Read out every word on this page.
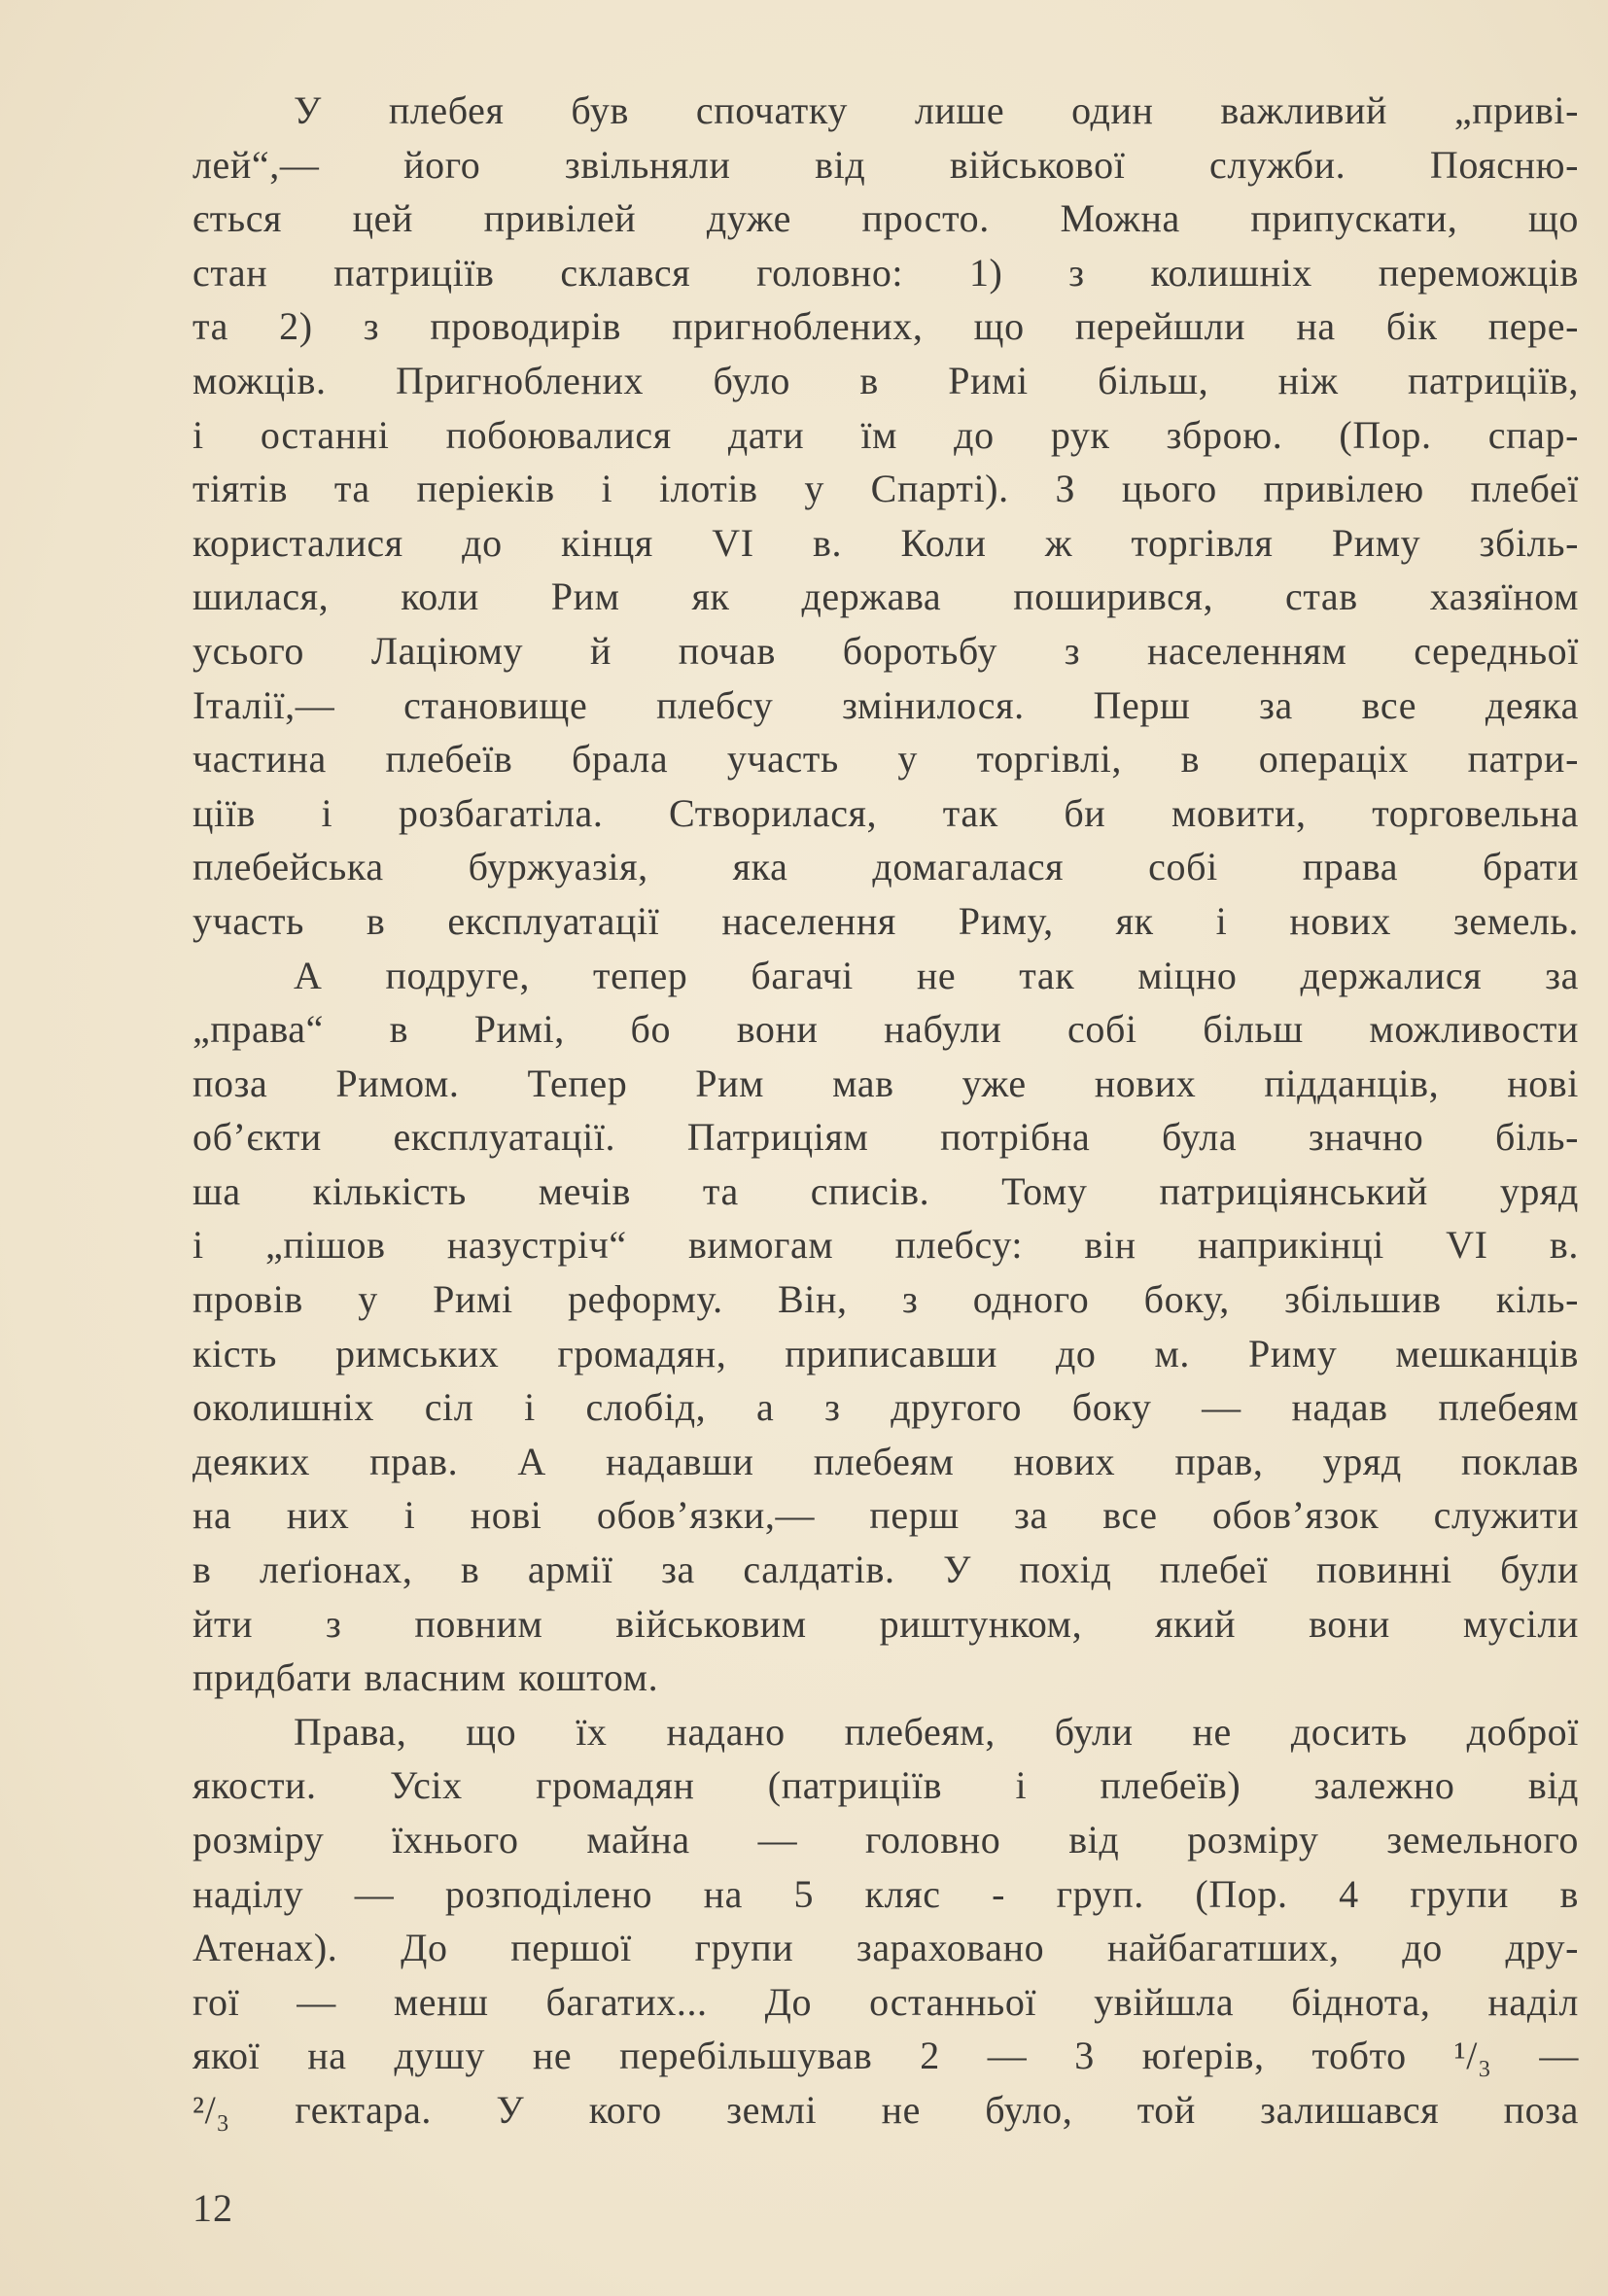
У плебея був спочатку лише один важливий „приві-
лей“,— його звільняли від військової служби. Поясню-
ється цей привілей дуже просто. Можна припускати, що
стан патриціїв склався головно: 1) з колишніх переможців
та 2) з проводирів пригноблених, що перейшли на бік пере-
можців. Пригноблених було в Римі більш, ніж патриціїв,
і останні побоювалися дати їм до рук зброю. (Пор. спар-
тіятів та періеків і ілотів у Спарті). З цього привілею плебеї
користалися до кінця VI в. Коли ж торгівля Риму збіль-
шилася, коли Рим як держава поширився, став хазяїном
усього Лаціюму й почав боротьбу з населенням середньої
Італії,— становище плебсу змінилося. Перш за все деяка
частина плебеїв брала участь у торгівлі, в операціх патри-
ціїв і розбагатіла. Створилася, так би мовити, торговельна
плебейська буржуазія, яка домагалася собі права брати
участь в експлуатації населення Риму, як і нових земель.
А подруге, тепер багачі не так міцно держалися за
„права“ в Римі, бо вони набули собі більш можливости
поза Римом. Тепер Рим мав уже нових підданців, нові
об’єкти експлуатації. Патриціям потрібна була значно біль-
ша кількість мечів та списів. Тому патриціянський уряд
і „пішов назустріч“ вимогам плебсу: він наприкінці VI в.
провів у Римі реформу. Він, з одного боку, збільшив кіль-
кість римських громадян, приписавши до м. Риму мешканців
околишніх сіл і слобід, а з другого боку — надав плебеям
деяких прав. А надавши плебеям нових прав, уряд поклав
на них і нові обов’язки,— перш за все обов’язок служити
в леґіонах, в армії за салдатів. У похід плебеї повинні були
йти з повним військовим риштунком, який вони мусіли
придбати власним коштом.
Права, що їх надано плебеям, були не досить доброї
якости. Усіх громадян (патриціїв і плебеїв) залежно від
розміру їхнього майна — головно від розміру земельного
наділу — розподілено на 5 кляс - груп. (Пор. 4 групи в
Атенах). До першої групи зараховано найбагатших, до дру-
гої — менш багатих... До останньої увійшла біднота, наділ
якої на душу не перебільшував 2 — 3 юґерів, тобто ¹/₃ —
²/₃ гектара. У кого землі не було, той залишався поза
12
